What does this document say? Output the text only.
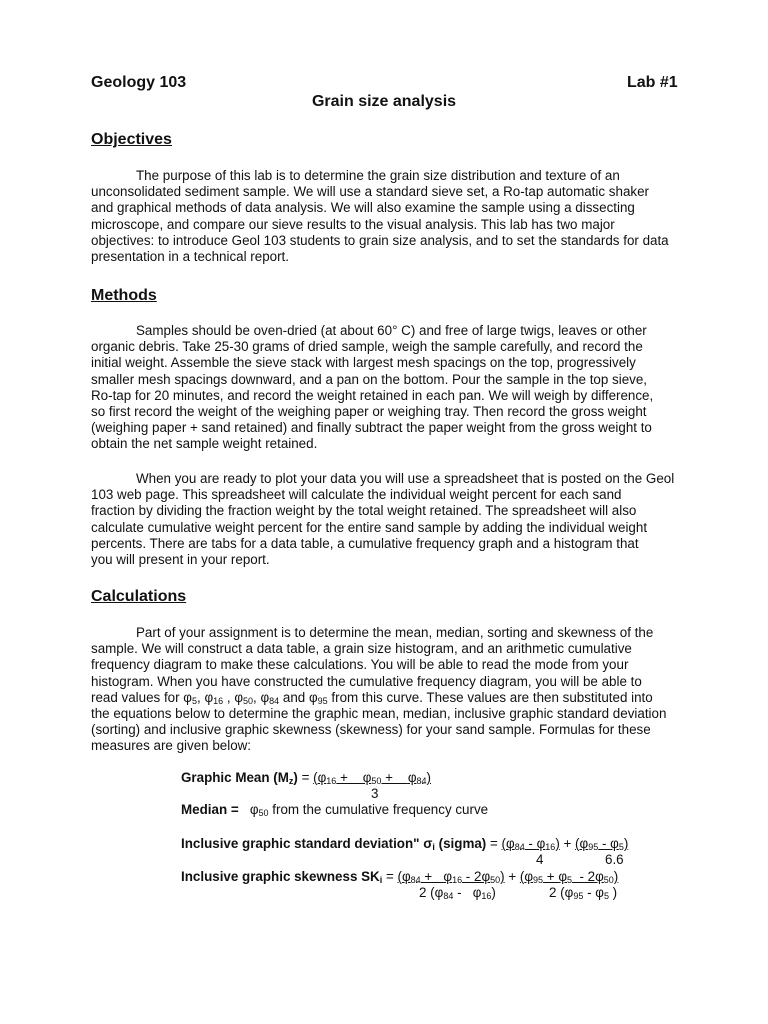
Geology 103	Lab #1
Grain size analysis
Objectives
The purpose of this lab is to determine the grain size distribution and texture of an
unconsolidated sediment sample. We will use a standard sieve set, a Ro-tap automatic shaker
and graphical methods of data analysis. We will also examine the sample using a dissecting
microscope, and compare our sieve results to the visual analysis. This lab has two major
objectives: to introduce Geol 103 students to grain size analysis, and to set the standards for data
presentation in a technical report.
Methods
Samples should be oven-dried (at about 60° C) and free of large twigs, leaves or other
organic debris. Take 25-30 grams of dried sample, weigh the sample carefully, and record the
initial weight. Assemble the sieve stack with largest mesh spacings on the top, progressively
smaller mesh spacings downward, and a pan on the bottom. Pour the sample in the top sieve,
Ro-tap for 20 minutes, and record the weight retained in each pan. We will weigh by difference,
so first record the weight of the weighing paper or weighing tray. Then record the gross weight
(weighing paper + sand retained) and finally subtract the paper weight from the gross weight to
obtain the net sample weight retained.
When you are ready to plot your data you will use a spreadsheet that is posted on the Geol
103 web page. This spreadsheet will calculate the individual weight percent for each sand
fraction by dividing the fraction weight by the total weight retained. The spreadsheet will also
calculate cumulative weight percent for the entire sand sample by adding the individual weight
percents. There are tabs for a data table, a cumulative frequency graph and a histogram that
you will present in your report.
Calculations
Part of your assignment is to determine the mean, median, sorting and skewness of the
sample. We will construct a data table, a grain size histogram, and an arithmetic cumulative
frequency diagram to make these calculations. You will be able to read the mode from your
histogram. When you have constructed the cumulative frequency diagram, you will be able to
read values for $\varphi_5$, $\varphi_{16}$ , $\varphi_{50}$, $\varphi_{84}$ and $\varphi_{95}$ from this curve. These values are then substituted into
the equations below to determine the graphic mean, median, inclusive graphic standard deviation
(sorting) and inclusive graphic skewness (skewness) for your sand sample. Formulas for these
measures are given below:
Graphic Mean $(M_z) = (\varphi_{16}$ +    $\varphi_{50}$ +    $\varphi_{84}$)
3
Median = $\varphi_{50}$ from the cumulative frequency curve
Inclusive graphic standard deviation" $\sigma_i$ (sigma) = $(\varphi_{84} - \varphi_{16}) + (\varphi_{95} - \varphi_5)$
4	6.6
Inclusive graphic skewness $SK_i = (\varphi_{84} + \varphi_{16} - 2\varphi_{50}) + (\varphi_{95} + \varphi_5 - 2\varphi_{50})$
2 $(\varphi_{84} - \varphi_{16})$	2 ($\varphi_{95} - \varphi_5$ )
